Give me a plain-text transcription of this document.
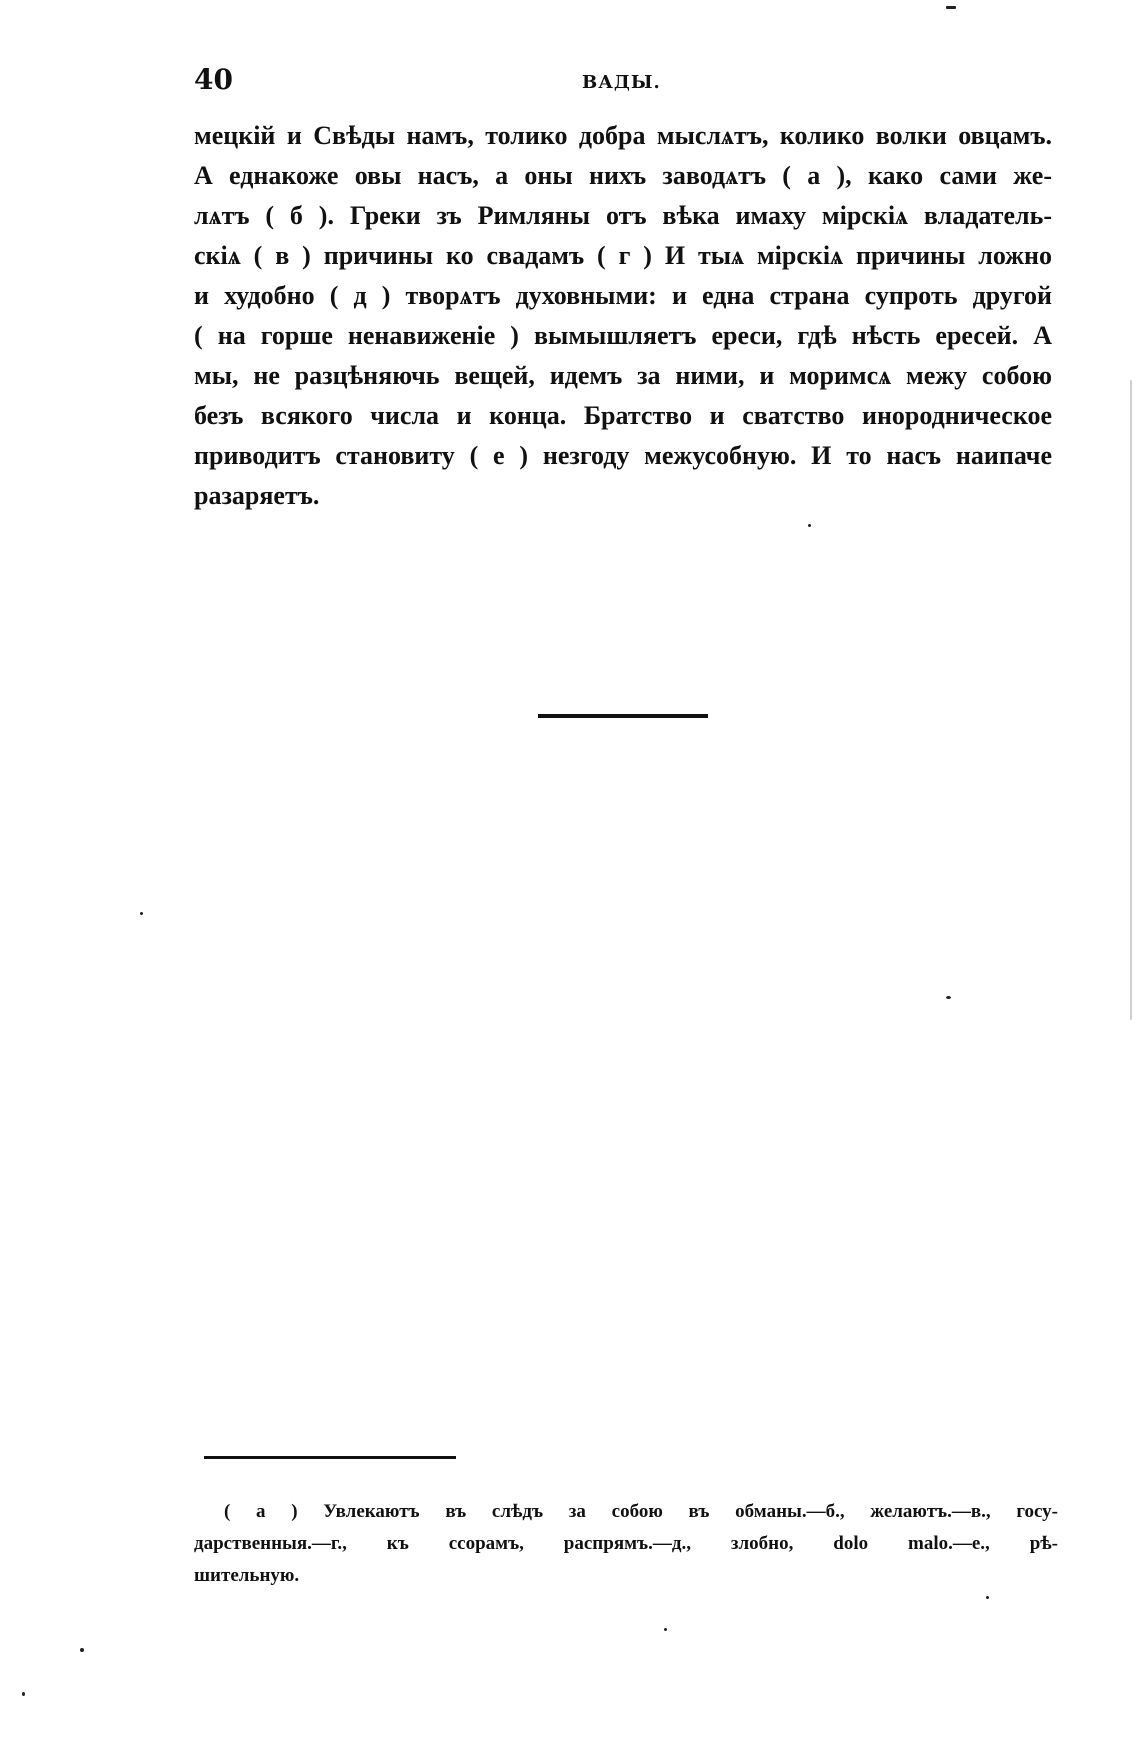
40	ВАДЫ.
мецкій и Свѣды намъ, толико добра мыслѧтъ, колико волки овцамъ.
А еднакоже овы насъ, а оны нихъ заводѧтъ ( а ), како сами же-
лѧтъ ( б ). Греки зъ Римляны отъ вѣка имаху мірскіѧ владатель-
скіѧ ( в ) причины ко свадамъ ( г ) И тыѧ мірскіѧ причины ложно
и худобно ( д ) творѧтъ духовными: и една страна супроть другой
( на горше ненавиженіе ) вымышляетъ ереси, гдѣ нѣсть ересей. А
мы, не разцѣняючь вещей, идемъ за ними, и моримсѧ межу собою
безъ всякого числа и конца. Братство и сватство инородническое
приводитъ становиту ( е ) незгоду межусобную. И то насъ наипаче
разаряетъ.
( а ) Увлекаютъ въ слѣдъ за собою въ обманы.—б., желаютъ.—в., госу-
дарственныя.—г., къ ссорамъ, распрямъ.—д., злобно, dolo malo.—е., рѣ-
шительную.
